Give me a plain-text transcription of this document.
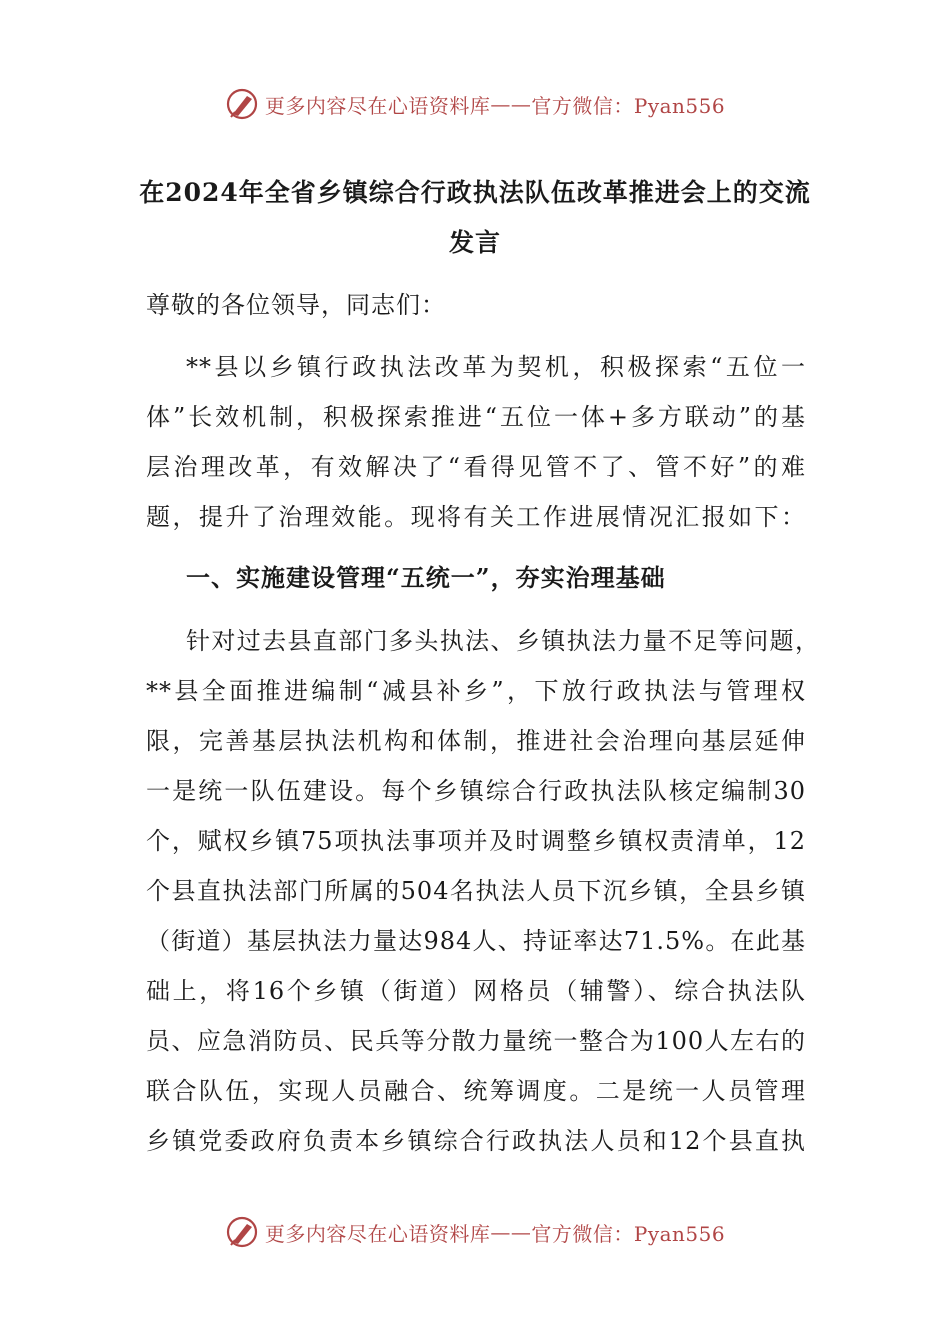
更多内容尽在心语资料库 —— 官方微信：Pyan556
在2024年全省乡镇综合行政执法队伍改革推进会上的交流
发言
尊敬的各位领导，同志们：
**县以乡镇行政执法改革为契机，积极探索“五位一
体”长效机制，积极探索推进“五位一体+多方联动”的基
层治理改革，有效解决了“看得见管不了、管不好”的难
题，提升了治理效能。现将有关工作进展情况汇报如下：
一、实施建设管理“五统一”，夯实治理基础
针对过去县直部门多头执法、乡镇执法力量不足等问题，
**县全面推进编制“减县补乡”，下放行政执法与管理权
限，完善基层执法机构和体制，推进社会治理向基层延伸
一是统一队伍建设。每个乡镇综合行政执法队核定编制30
个，赋权乡镇75项执法事项并及时调整乡镇权责清单，12
个县直执法部门所属的504名执法人员下沉乡镇，全县乡镇
（街道）基层执法力量达984人、持证率达71.5%。在此基
础上，将16个乡镇（街道）网格员（辅警）、综合执法队
员、应急消防员、民兵等分散力量统一整合为100人左右的
联合队伍，实现人员融合、统筹调度。二是统一人员管理
乡镇党委政府负责本乡镇综合行政执法人员和12个县直执
更多内容尽在心语资料库 —— 官方微信：Pyan556
